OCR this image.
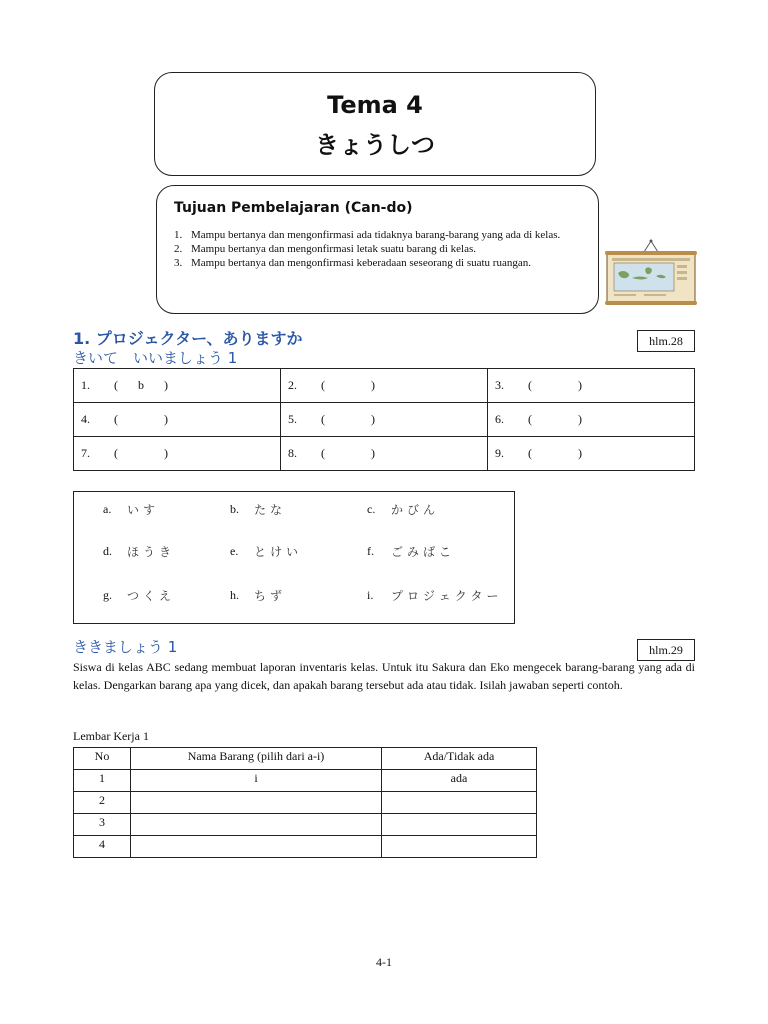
Tema 4
きょうしつ
Tujuan Pembelajaran (Can-do)
1. Mampu bertanya dan mengonfirmasi ada tidaknya barang-barang yang ada di kelas.
2. Mampu bertanya dan mengonfirmasi letak suatu barang di kelas.
3. Mampu bertanya dan mengonfirmasi keberadaan seseorang di suatu ruangan.
1. プロジェクター、ありますか
きいて　いいましょう 1
hlm.28
1. ( b )	2. ( )	3. ( )

4. ( )	5. ( )	6. ( )

7. ( )	8. ( )	9. ( )
a.	いす	b.	たな	c.	かびん
d.	ほうき	e.	とけい	f.	ごみばこ
g.	つくえ	h.	ちず	i.	プロジェクター
ききましょう 1	hlm.29
Siswa di kelas ABC sedang membuat laporan inventaris kelas. Untuk itu Sakura dan Eko mengecek barang-barang yang ada di kelas. Dengarkan barang apa yang dicek, dan apakah barang tersebut ada atau tidak. Isilah jawaban seperti contoh.
Lembar Kerja 1
No	Nama Barang (pilih dari a-i)	Ada/Tidak ada
1	i	ada
2		
3		
4		
4-1
